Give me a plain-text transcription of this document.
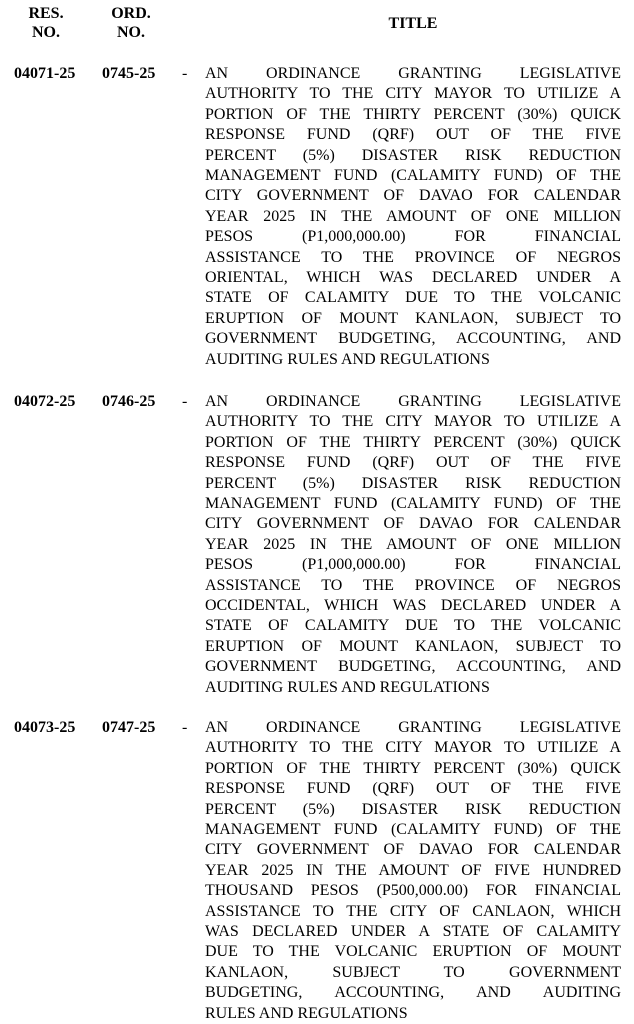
RES.
NO.
ORD.
NO.
TITLE
04071-25 0745-25 - AN ORDINANCE GRANTING LEGISLATIVE
AUTHORITY TO THE CITY MAYOR TO UTILIZE A
PORTION OF THE THIRTY PERCENT (30%) QUICK
RESPONSE FUND (QRF) OUT OF THE FIVE
PERCENT (5%) DISASTER RISK REDUCTION
MANAGEMENT FUND (CALAMITY FUND) OF THE
CITY GOVERNMENT OF DAVAO FOR CALENDAR
YEAR 2025 IN THE AMOUNT OF ONE MILLION
PESOS (P1,000,000.00) FOR FINANCIAL
ASSISTANCE TO THE PROVINCE OF NEGROS
ORIENTAL, WHICH WAS DECLARED UNDER A
STATE OF CALAMITY DUE TO THE VOLCANIC
ERUPTION OF MOUNT KANLAON, SUBJECT TO
GOVERNMENT BUDGETING, ACCOUNTING, AND
AUDITING RULES AND REGULATIONS
04072-25 0746-25 - AN ORDINANCE GRANTING LEGISLATIVE
AUTHORITY TO THE CITY MAYOR TO UTILIZE A
PORTION OF THE THIRTY PERCENT (30%) QUICK
RESPONSE FUND (QRF) OUT OF THE FIVE
PERCENT (5%) DISASTER RISK REDUCTION
MANAGEMENT FUND (CALAMITY FUND) OF THE
CITY GOVERNMENT OF DAVAO FOR CALENDAR
YEAR 2025 IN THE AMOUNT OF ONE MILLION
PESOS (P1,000,000.00) FOR FINANCIAL
ASSISTANCE TO THE PROVINCE OF NEGROS
OCCIDENTAL, WHICH WAS DECLARED UNDER A
STATE OF CALAMITY DUE TO THE VOLCANIC
ERUPTION OF MOUNT KANLAON, SUBJECT TO
GOVERNMENT BUDGETING, ACCOUNTING, AND
AUDITING RULES AND REGULATIONS
04073-25 0747-25 - AN ORDINANCE GRANTING LEGISLATIVE
AUTHORITY TO THE CITY MAYOR TO UTILIZE A
PORTION OF THE THIRTY PERCENT (30%) QUICK
RESPONSE FUND (QRF) OUT OF THE FIVE
PERCENT (5%) DISASTER RISK REDUCTION
MANAGEMENT FUND (CALAMITY FUND) OF THE
CITY GOVERNMENT OF DAVAO FOR CALENDAR
YEAR 2025 IN THE AMOUNT OF FIVE HUNDRED
THOUSAND PESOS (P500,000.00) FOR FINANCIAL
ASSISTANCE TO THE CITY OF CANLAON, WHICH
WAS DECLARED UNDER A STATE OF CALAMITY
DUE TO THE VOLCANIC ERUPTION OF MOUNT
KANLAON, SUBJECT TO GOVERNMENT
BUDGETING, ACCOUNTING, AND AUDITING
RULES AND REGULATIONS
